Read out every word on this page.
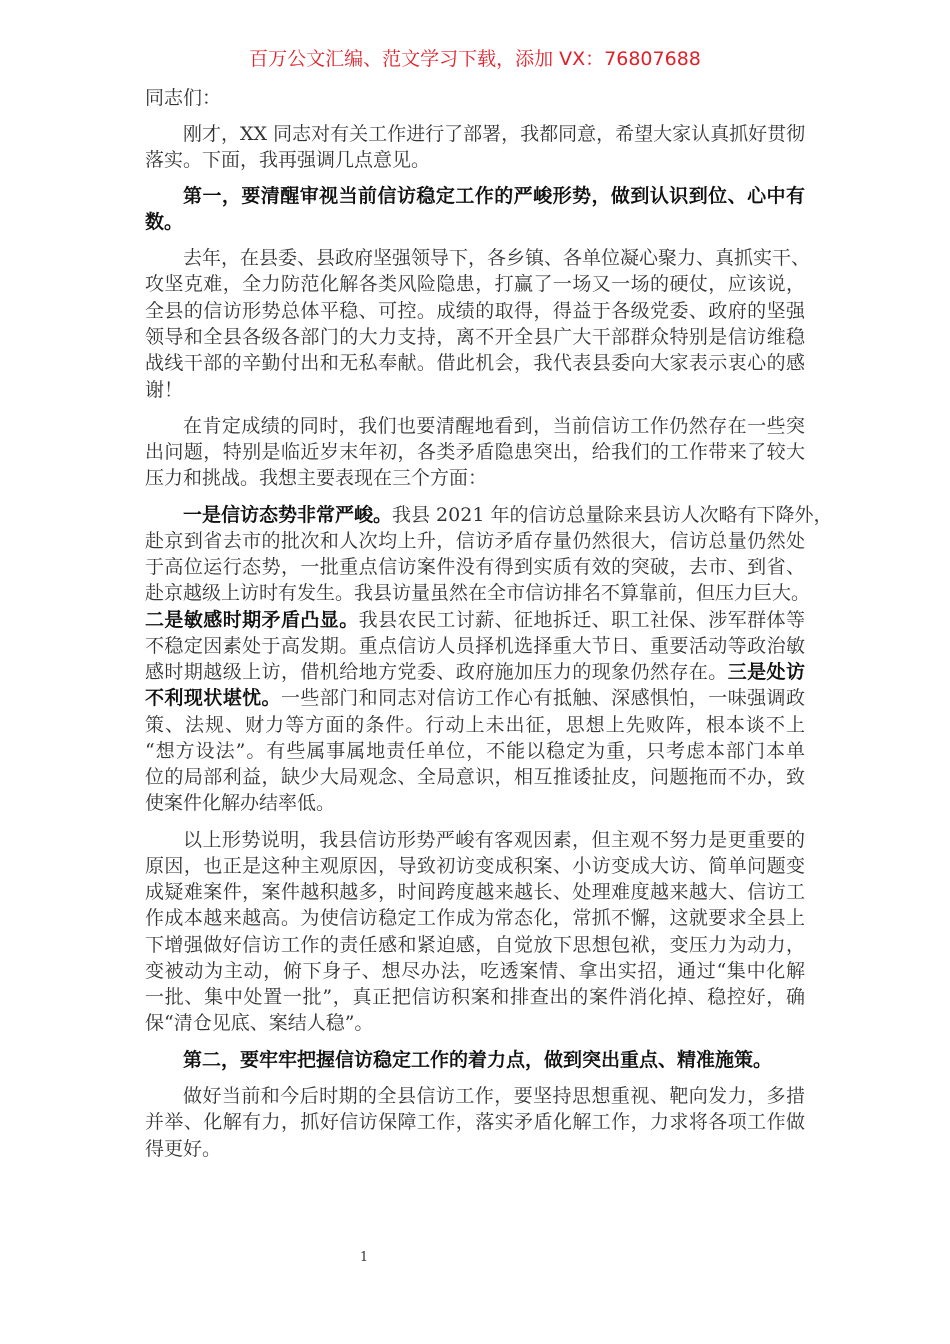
百万公文汇编、范文学习下载，添加 VX：76807688
同志们：
刚才，XX 同志对有关工作进行了部署，我都同意，希望大家认真抓好贯彻
落实。下面，我再强调几点意见。
第一，要清醒审视当前信访稳定工作的严峻形势，做到认识到位、心中有
数。
去年，在县委、县政府坚强领导下，各乡镇、各单位凝心聚力、真抓实干、
攻坚克难，全力防范化解各类风险隐患，打赢了一场又一场的硬仗，应该说，
全县的信访形势总体平稳、可控。成绩的取得，得益于各级党委、政府的坚强
领导和全县各级各部门的大力支持，离不开全县广大干部群众特别是信访维稳
战线干部的辛勤付出和无私奉献。借此机会，我代表县委向大家表示衷心的感
谢！
在肯定成绩的同时，我们也要清醒地看到，当前信访工作仍然存在一些突
出问题，特别是临近岁末年初，各类矛盾隐患突出，给我们的工作带来了较大
压力和挑战。我想主要表现在三个方面：
一是信访态势非常严峻。我县 2021 年的信访总量除来县访人次略有下降外，
赴京到省去市的批次和人次均上升，信访矛盾存量仍然很大，信访总量仍然处
于高位运行态势，一批重点信访案件没有得到实质有效的突破，去市、到省、
赴京越级上访时有发生。我县访量虽然在全市信访排名不算靠前，但压力巨大。
二是敏感时期矛盾凸显。我县农民工讨薪、征地拆迁、职工社保、涉军群体等
不稳定因素处于高发期。重点信访人员择机选择重大节日、重要活动等政治敏
感时期越级上访，借机给地方党委、政府施加压力的现象仍然存在。三是处访
不利现状堪忧。一些部门和同志对信访工作心有抵触、深感惧怕，一味强调政
策、法规、财力等方面的条件。行动上未出征，思想上先败阵，根本谈不上
“想方设法”。有些属事属地责任单位，不能以稳定为重，只考虑本部门本单
位的局部利益，缺少大局观念、全局意识，相互推诿扯皮，问题拖而不办，致
使案件化解办结率低。
以上形势说明，我县信访形势严峻有客观因素，但主观不努力是更重要的
原因，也正是这种主观原因，导致初访变成积案、小访变成大访、简单问题变
成疑难案件，案件越积越多，时间跨度越来越长、处理难度越来越大、信访工
作成本越来越高。为使信访稳定工作成为常态化，常抓不懈，这就要求全县上
下增强做好信访工作的责任感和紧迫感，自觉放下思想包袱，变压力为动力，
变被动为主动，俯下身子、想尽办法，吃透案情、拿出实招，通过“集中化解
一批、集中处置一批”，真正把信访积案和排查出的案件消化掉、稳控好，确
保“清仓见底、案结人稳”。
第二，要牢牢把握信访稳定工作的着力点，做到突出重点、精准施策。
做好当前和今后时期的全县信访工作，要坚持思想重视、靶向发力，多措
并举、化解有力，抓好信访保障工作，落实矛盾化解工作，力求将各项工作做
得更好。
1
